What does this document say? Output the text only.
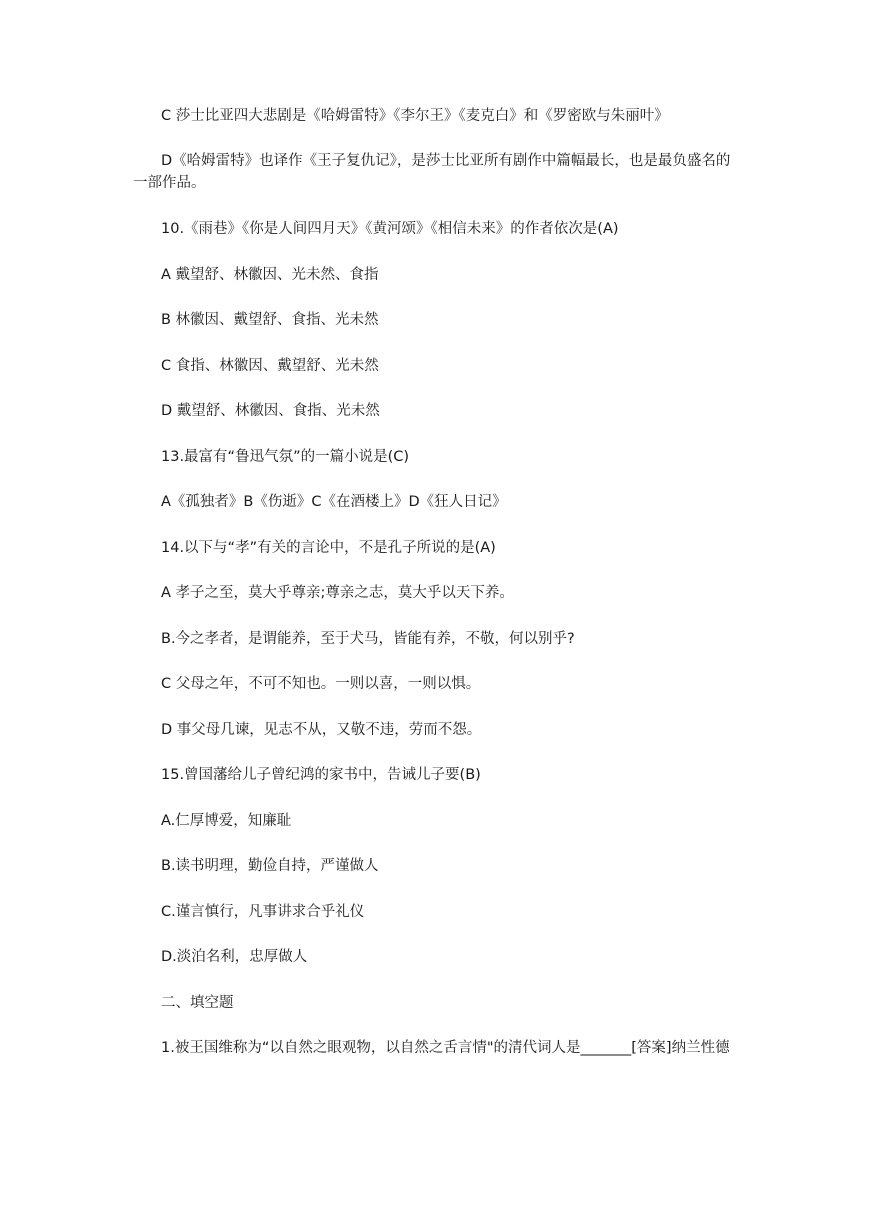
C 莎士比亚四大悲剧是《哈姆雷特》《李尔王》《麦克白》和《罗密欧与朱丽叶》

D《哈姆雷特》也译作《王子复仇记》，是莎士比亚所有剧作中篇幅最长，也是最负盛名的一部作品。

10.《雨巷》《你是人间四月天》《黄河颂》《相信未来》的作者依次是(A)

A 戴望舒、林徽因、光未然、食指

B 林徽因、戴望舒、食指、光未然

C 食指、林徽因、戴望舒、光未然

D 戴望舒、林徽因、食指、光未然

13.最富有“鲁迅气氛”的一篇小说是(C)

A《孤独者》B《伤逝》C《在酒楼上》D《狂人日记》

14.以下与“孝”有关的言论中，不是孔子所说的是(A)

A 孝子之至，莫大乎尊亲;尊亲之志，莫大乎以天下养。

B.今之孝者，是谓能养，至于犬马，皆能有养，不敬，何以别乎?

C 父母之年，不可不知也。一则以喜，一则以惧。

D 事父母几谏，见志不从，又敬不违，劳而不怨。

15.曾国藩给儿子曾纪鸿的家书中，告诫儿子要(B)

A.仁厚博爱，知廉耻

B.读书明理，勤俭自持，严谨做人

C.谨言慎行，凡事讲求合乎礼仪

D.淡泊名利，忠厚做人

二、填空题

1.被王国维称为“以自然之眼观物，以自然之舌言情"的清代词人是_______[答案]纳兰性德
